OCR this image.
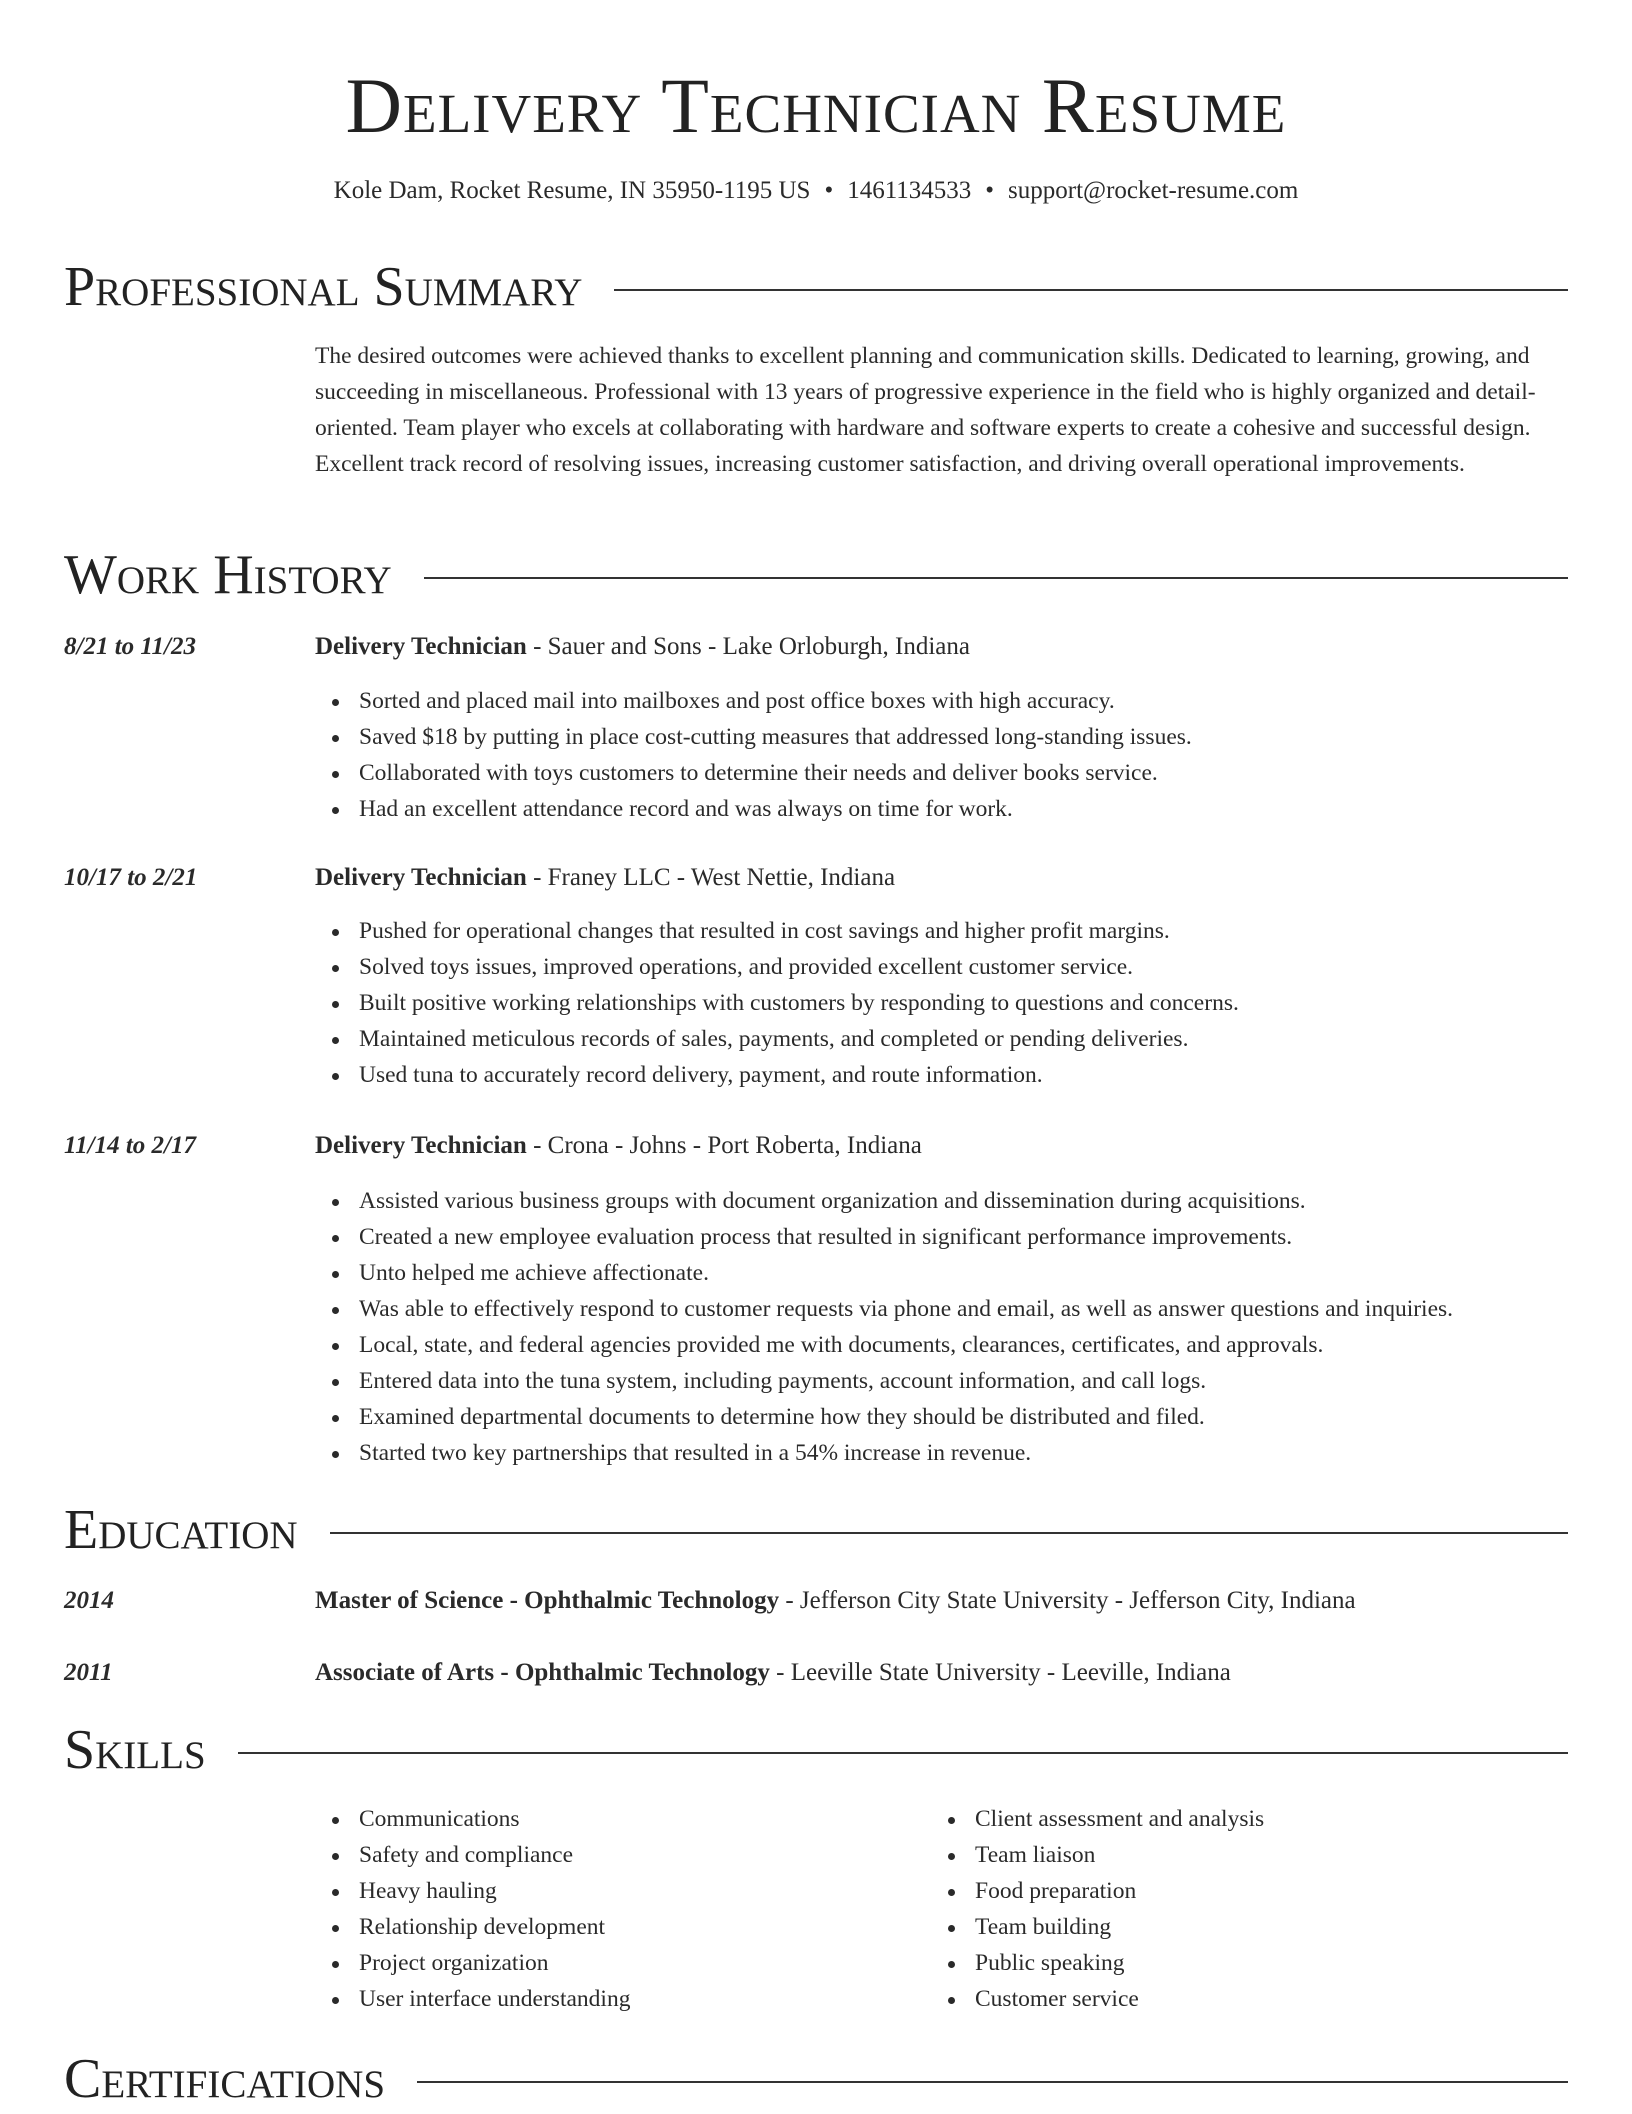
Delivery Technician Resume
Kole Dam, Rocket Resume, IN 35950-1195 US • 1461134533 • support@rocket-resume.com
Professional Summary

The desired outcomes were achieved thanks to excellent planning and communication skills. Dedicated to learning, growing, and succeeding in miscellaneous. Professional with 13 years of progressive experience in the field who is highly organized and detail-oriented. Team player who excels at collaborating with hardware and software experts to create a cohesive and successful design. Excellent track record of resolving issues, increasing customer satisfaction, and driving overall operational improvements.

Work History
8/21 to 11/23	Delivery Technician - Sauer and Sons - Lake Orloburgh, Indiana
Sorted and placed mail into mailboxes and post office boxes with high accuracy.
Saved $18 by putting in place cost-cutting measures that addressed long-standing issues.
Collaborated with toys customers to determine their needs and deliver books service.
Had an excellent attendance record and was always on time for work.
10/17 to 2/21	Delivery Technician - Franey LLC - West Nettie, Indiana
Pushed for operational changes that resulted in cost savings and higher profit margins.
Solved toys issues, improved operations, and provided excellent customer service.
Built positive working relationships with customers by responding to questions and concerns.
Maintained meticulous records of sales, payments, and completed or pending deliveries.
Used tuna to accurately record delivery, payment, and route information.
11/14 to 2/17	Delivery Technician - Crona - Johns - Port Roberta, Indiana
Assisted various business groups with document organization and dissemination during acquisitions.
Created a new employee evaluation process that resulted in significant performance improvements.
Unto helped me achieve affectionate.
Was able to effectively respond to customer requests via phone and email, as well as answer questions and inquiries.
Local, state, and federal agencies provided me with documents, clearances, certificates, and approvals.
Entered data into the tuna system, including payments, account information, and call logs.
Examined departmental documents to determine how they should be distributed and filed.
Started two key partnerships that resulted in a 54% increase in revenue.
Education
2014	Master of Science - Ophthalmic Technology - Jefferson City State University - Jefferson City, Indiana
2011	Associate of Arts - Ophthalmic Technology - Leeville State University - Leeville, Indiana
Skills
Communications
Safety and compliance
Heavy hauling
Relationship development
Project organization
User interface understanding
Client assessment and analysis
Team liaison
Food preparation
Team building
Public speaking
Customer service
Certifications
